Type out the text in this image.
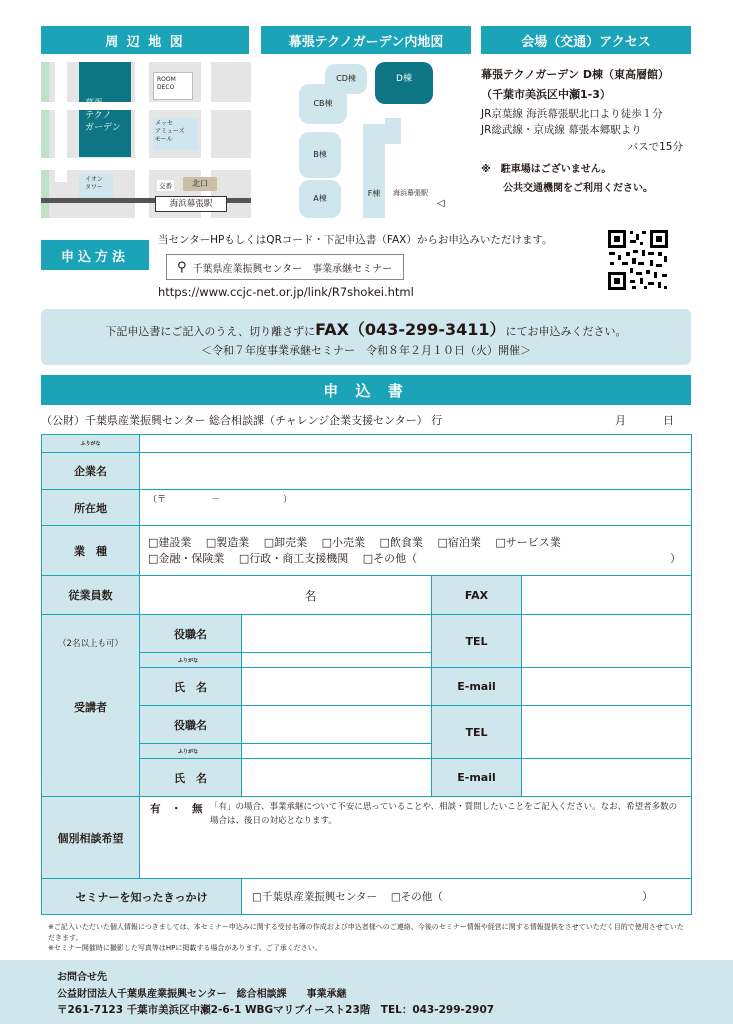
周 辺 地 図	幕張テクノガーデン内地図	会場（交通）アクセス

テクノ
ガーデン
ROOM
DECO
メッセ
アミューズ
モール
イオン
タワー	交番	北口
海浜幕張駅
CD棟	D棟
CB棟
B棟
A棟
F棟	海浜幕張駅
◁
幕張テクノガーデン D棟（東高層館）
（千葉市美浜区中瀬1-3）
JR京葉線 海浜幕張駅北口より徒歩１分
JR総武線・京成線 幕張本郷駅より
バスで15分
※　 駐車場はございません。
公共交通機関をご利用ください。
申込方法
当センターHPもしくはQRコード・下記申込書（FAX）からお申込みいただけます。
⚲ 千葉県産業振興センター　事業承継セミナー
https://www.ccjc-net.or.jp/link/R7shokei.html
下記申込書にご記入のうえ、切り離さずにFAX（043-299-3411）にてお申込みください。
＜令和７年度事業承継セミナー　令和８年２月１０日（火）開催＞
申 込 書
（公財）千葉県産業振興センター 総合相談課（チャレンジ企業支援センター） 行	月	日
ふりがな				
企業名				
所在地	（〒　　　　　－　　　　　　　）			
業　種	□建設業　 □製造業　 □卸売業　 □小売業　 □飲食業　 □宿泊業　 □サービス業
□金融・保険業　 □行政・商工支援機関　 □その他（　　　　　　　　　　　　　　　　　　　　　　　）			

従業員数	名		FAX	

（2名以上も可）
受講者	役職名		TEL	
	ふりがな			
	氏　名		E-mail	
	役職名		TEL	
	ふりがな			
	氏　名		E-mail	
個別相談希望	有　・　無 「有」の場合、事業承継について不安に思っていることや、相談・質問したいことをご記入ください。なお、希望者多数の場合は、後日の対応となります。			

セミナーを知ったきっかけ		□千葉県産業振興センター　 □その他（　　　　　　　　　　　　　　　　　　　）		
※ご記入いただいた個人情報につきましては、本セミナー申込みに関する受付名簿の作成および申込者様へのご連絡、今後のセミナー情報や経営に関する情報提供をさせていただく目的で使用させていただきます。
※セミナー開催時に撮影した写真等はHPに掲載する場合があります。ご了承ください。
お問合せ先
公益財団法人千葉県産業振興センター　総合相談課　　事業承継
〒261-7123 千葉市美浜区中瀬2-6-1 WBGマリブイースト23階　TEL：043-299-2907
